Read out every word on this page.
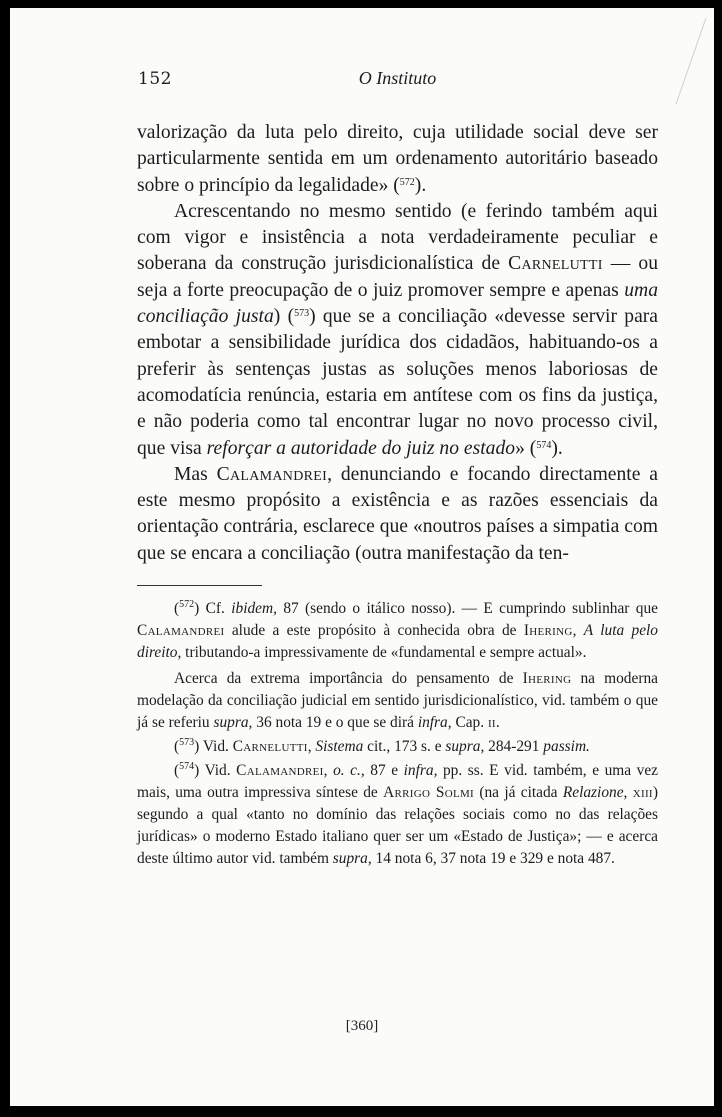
152	O Instituto

valorização da luta pelo direito, cuja utilidade social deve ser particularmente sentida em um ordenamento autoritário baseado sobre o princípio da legalidade» ($^{572}$).

Acrescentando no mesmo sentido (e ferindo também aqui com vigor e insistência a nota verdadeiramente peculiar e soberana da construção jurisdicionalística de Carnelutti — ou seja a forte preocupação de o juiz promover sempre e apenas uma conciliação justa) ($^{573}$) que se a conciliação «devesse servir para embotar a sensibilidade jurídica dos cidadãos, habituando-os a preferir às sentenças justas as soluções menos laboriosas de acomodatícia renúncia, estaria em antítese com os fins da justiça, e não poderia como tal encontrar lugar no novo processo civil, que visa reforçar a autoridade do juiz no estado» ($^{574}$).

Mas Calamandrei, denunciando e focando directamente a este mesmo propósito a existência e as razões essenciais da orientação contrária, esclarece que «noutros países a simpatia com que se encara a conciliação (outra manifestação da ten-

($^{572}$) Cf. ibidem, 87 (sendo o itálico nosso). — E cumprindo sublinhar que Calamandrei alude a este propósito à conhecida obra de Ihering, A luta pelo direito, tributando-a impressivamente de «fundamental e sempre actual».

Acerca da extrema importância do pensamento de Ihering na moderna modelação da conciliação judicial em sentido jurisdicionalístico, vid. também o que já se referiu supra, 36 nota 19 e o que se dirá infra, Cap. ii.

($^{573}$) Vid. Carnelutti, Sistema cit., 173 s. e supra, 284-291 passim.

($^{574}$) Vid. Calamandrei, o. c., 87 e infra, pp. ss. E vid. também, e uma vez mais, uma outra impressiva síntese de Arrigo Solmi (na já citada Relazione, xiii) segundo a qual «tanto no domínio das relações sociais como no das relações jurídicas» o moderno Estado italiano quer ser um «Estado de Justiça»; — e acerca deste último autor vid. também supra, 14 nota 6, 37 nota 19 e 329 e nota 487.

[360]
